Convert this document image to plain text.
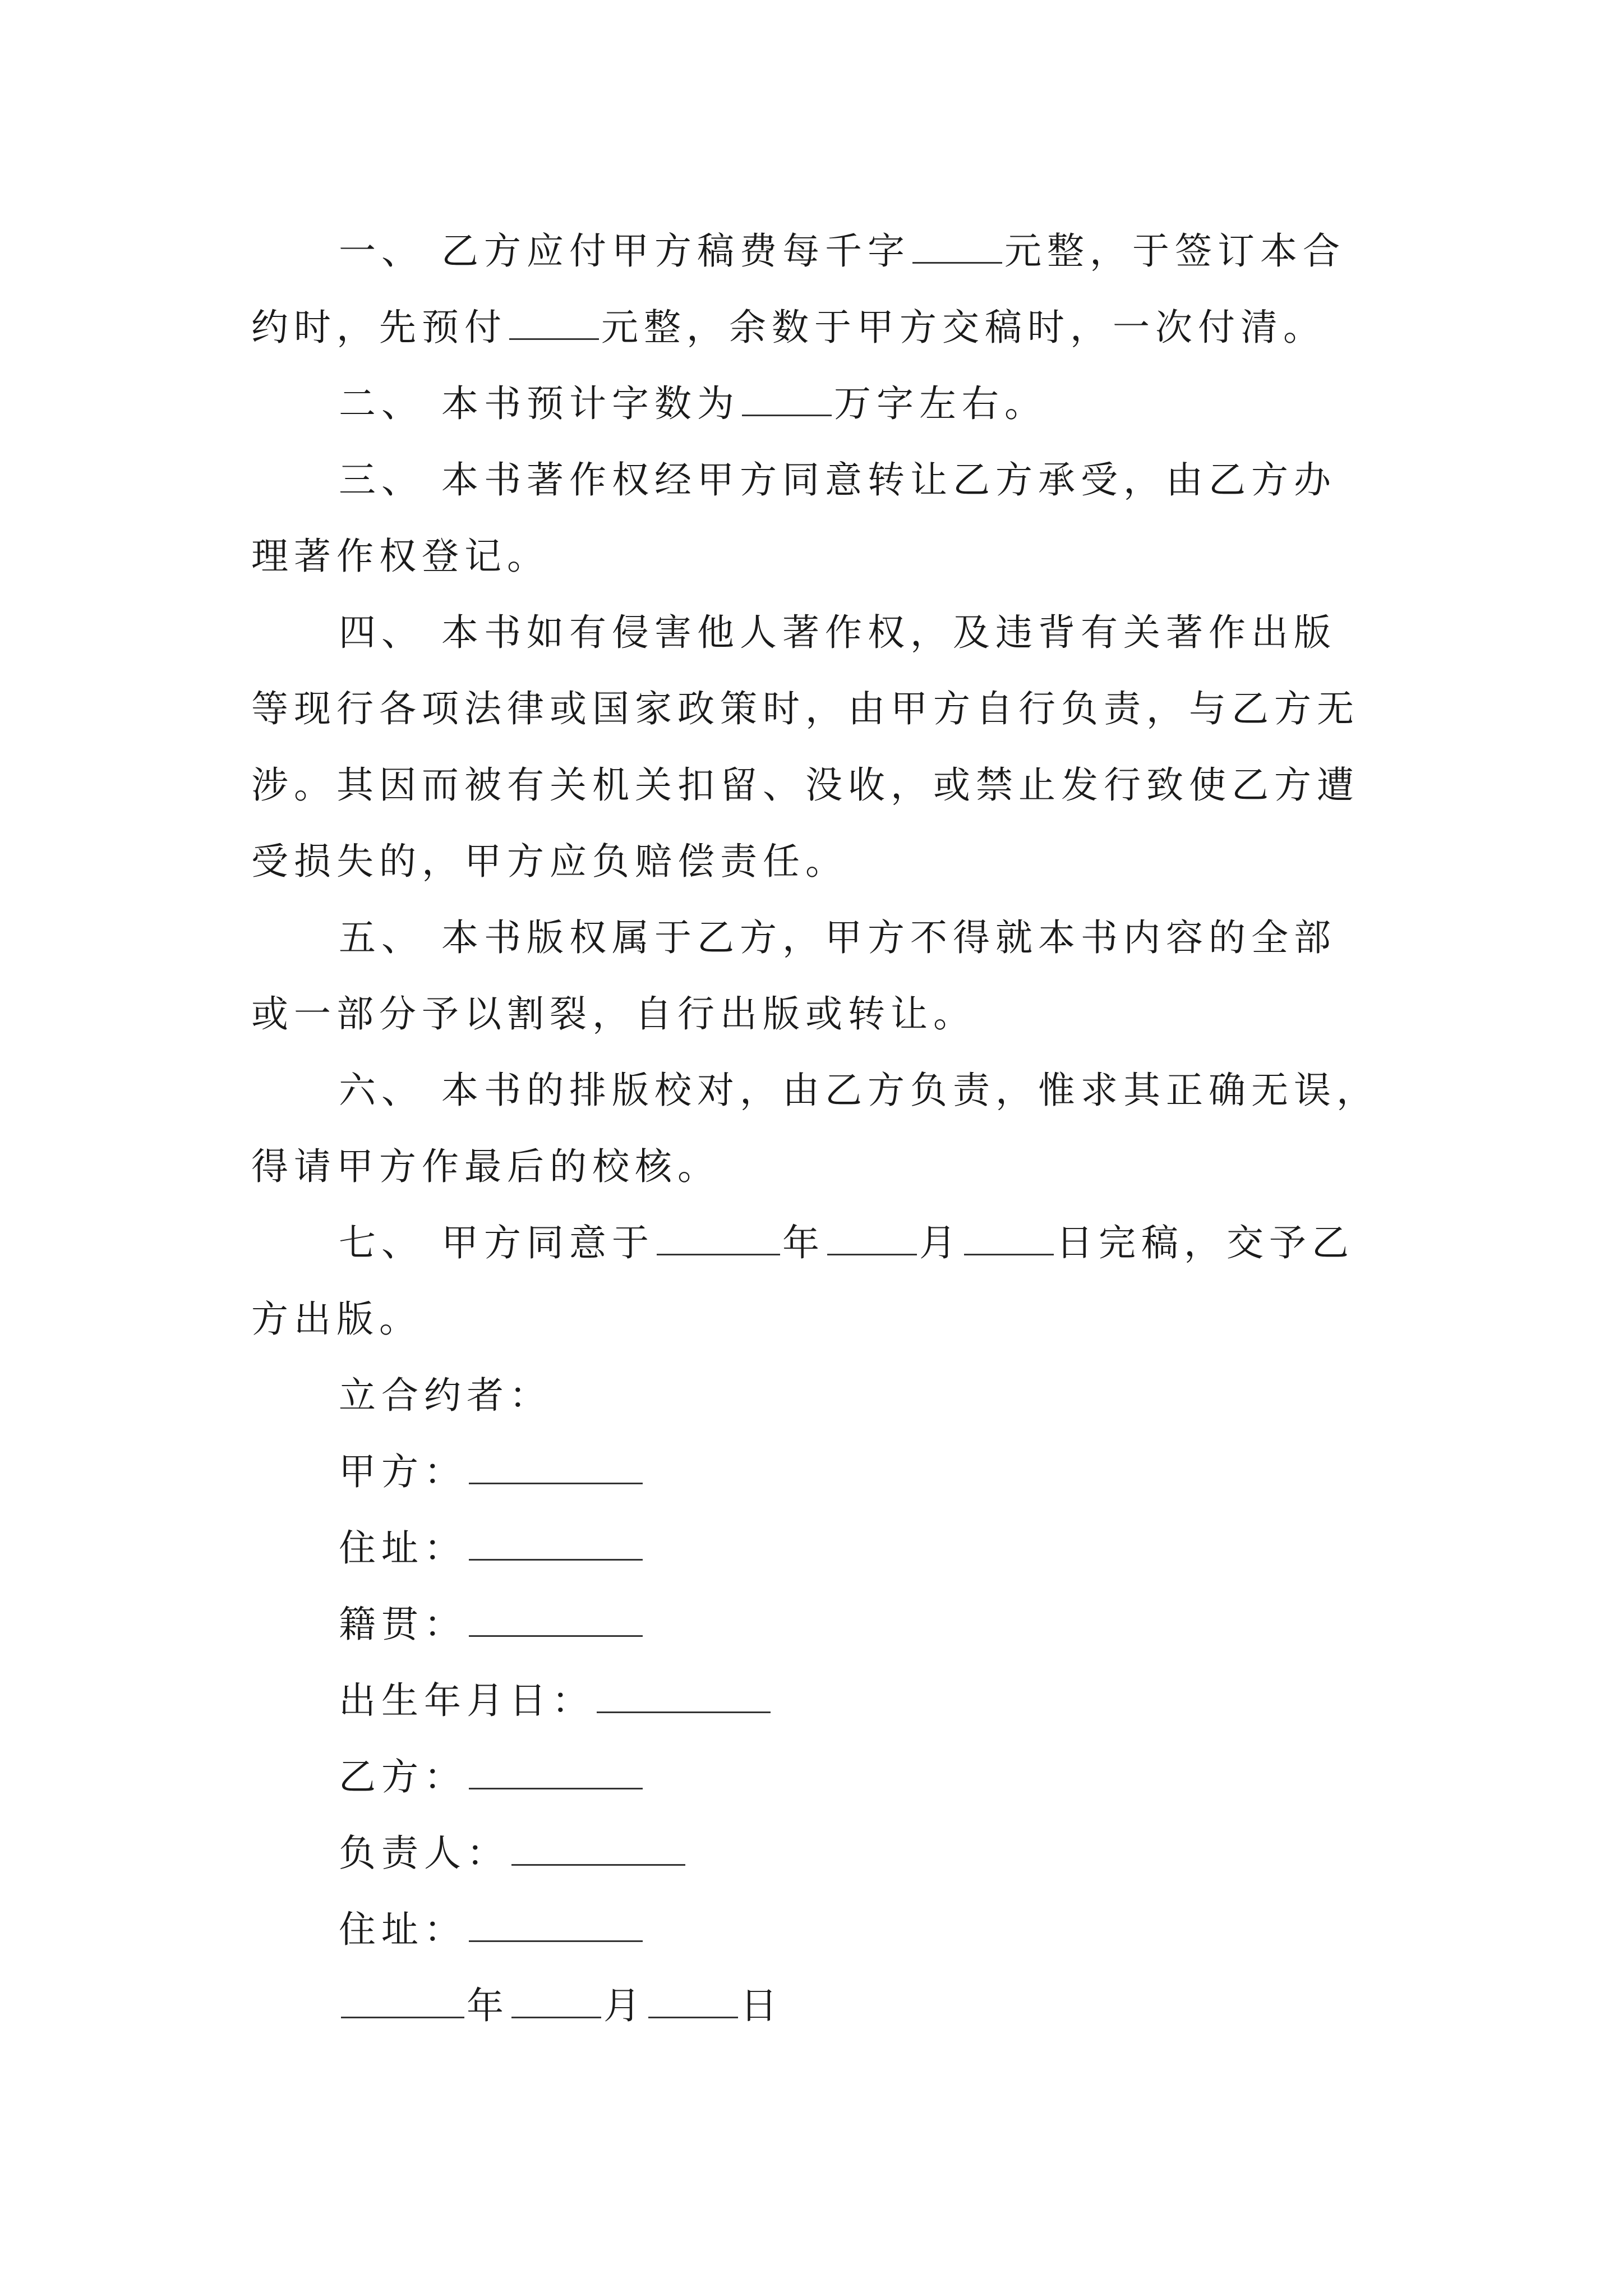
一、 乙方应付甲方稿费每千字	元整，于签订本合
约时，先预付	元整，余数于甲方交稿时，一次付清。
二、 本书预计字数为	万字左右。
三、 本书著作权经甲方同意转让乙方承受，由乙方办
理著作权登记。
四、 本书如有侵害他人著作权，及违背有关著作出版
等现行各项法律或国家政策时，由甲方自行负责，与乙方无
涉。其因而被有关机关扣留、没收，或禁止发行致使乙方遭
受损失的，甲方应负赔偿责任。
五、 本书版权属于乙方，甲方不得就本书内容的全部
或一部分予以割裂，自行出版或转让。
六、 本书的排版校对，由乙方负责，惟求其正确无误，
得请甲方作最后的校核。
七、 甲方同意于	年	月	日完稿，交予乙
方出版。
立合约者：
甲方：
住址：
籍贯：
出生年月日：
乙方：
负责人：
住址：
年	月	日
